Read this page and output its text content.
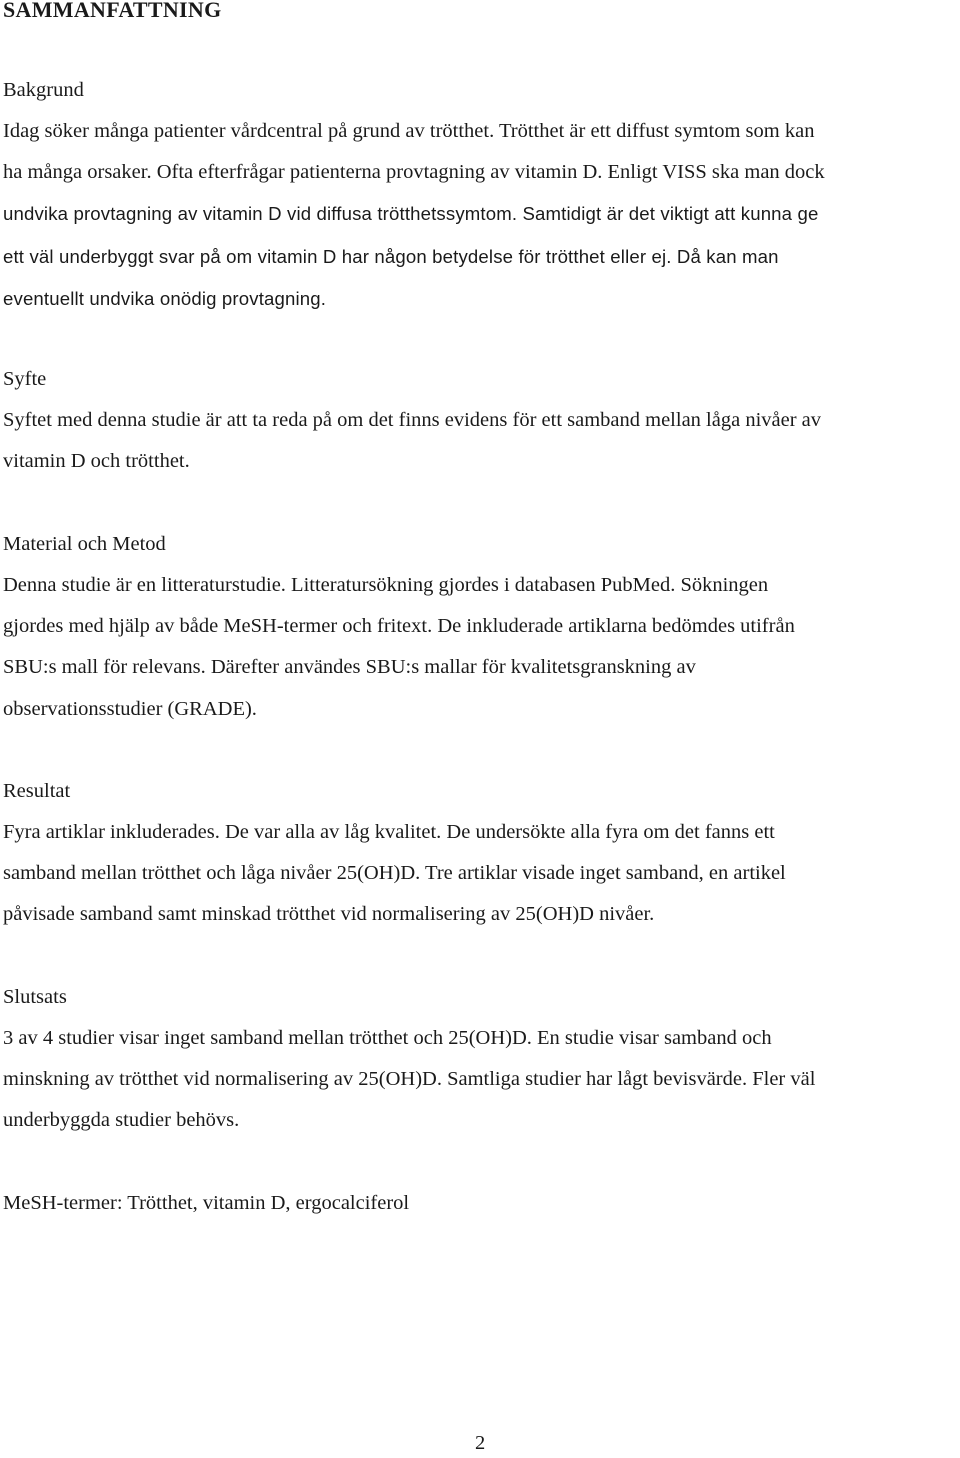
SAMMANFATTNING
Bakgrund

Idag söker många patienter vårdcentral på grund av trötthet. Trötthet är ett diffust symtom som kan
ha många orsaker. Ofta efterfrågar patienterna provtagning av vitamin D. Enligt VISS ska man dock
undvika provtagning av vitamin D vid diffusa trötthetssymtom. Samtidigt är det viktigt att kunna ge
ett väl underbyggt svar på om vitamin D har någon betydelse för trötthet eller ej. Då kan man
eventuellt undvika onödig provtagning.

Syfte

Syftet med denna studie är att ta reda på om det finns evidens för ett samband mellan låga nivåer av
vitamin D och trötthet.

Material och Metod

Denna studie är en litteraturstudie. Litteratursökning gjordes i databasen PubMed. Sökningen
gjordes med hjälp av både MeSH-termer och fritext. De inkluderade artiklarna bedömdes utifrån
SBU:s mall för relevans. Därefter användes SBU:s mallar för kvalitetsgranskning av
observationsstudier (GRADE).

Resultat

Fyra artiklar inkluderades. De var alla av låg kvalitet. De undersökte alla fyra om det fanns ett
samband mellan trötthet och låga nivåer 25(OH)D. Tre artiklar visade inget samband, en artikel
påvisade samband samt minskad trötthet vid normalisering av 25(OH)D nivåer.

Slutsats

3 av 4 studier visar inget samband mellan trötthet och 25(OH)D. En studie visar samband och
minskning av trötthet vid normalisering av 25(OH)D. Samtliga studier har lågt bevisvärde. Fler väl
underbyggda studier behövs.

MeSH-termer: Trötthet, vitamin D, ergocalciferol

2
